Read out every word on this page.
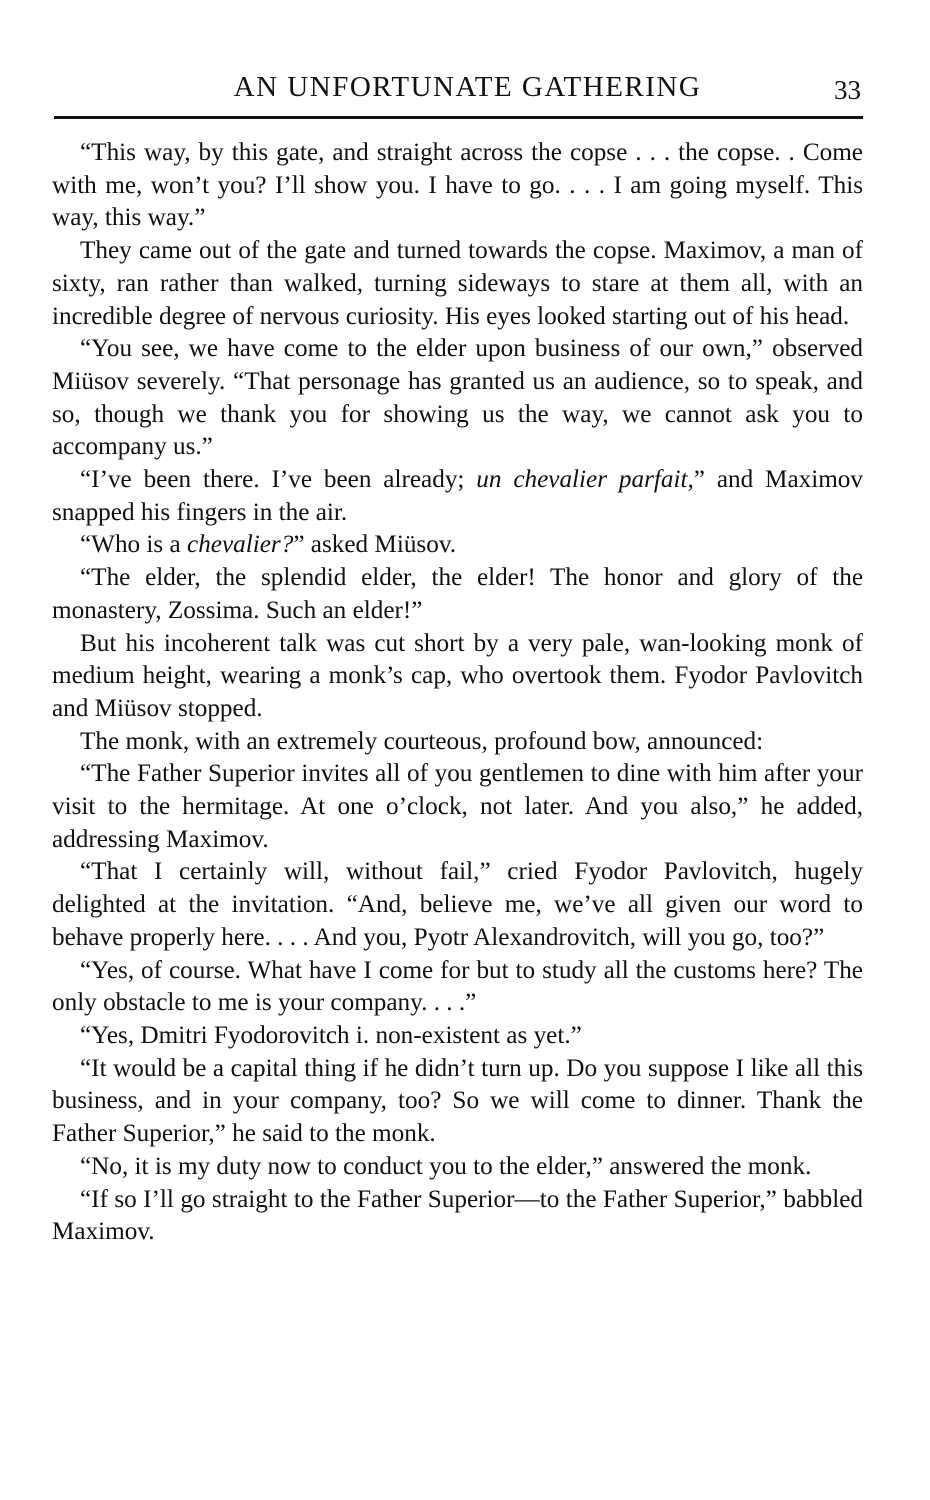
AN UNFORTUNATE GATHERING	33

“This way, by this gate, and straight across the copse . . . the copse. . Come with me, won’t you? I’ll show you. I have to go. . . . I am going myself. This way, this way.”

They came out of the gate and turned towards the copse. Maximov, a man of sixty, ran rather than walked, turning sideways to stare at them all, with an incredible degree of nervous curiosity. His eyes looked starting out of his head.

“You see, we have come to the elder upon business of our own,” observed Miüsov severely. “That personage has granted us an audience, so to speak, and so, though we thank you for showing us the way, we cannot ask you to accompany us.”

“I’ve been there. I’ve been already; un chevalier parfait,” and Maximov snapped his fingers in the air.

“Who is a chevalier?” asked Miüsov.

“The elder, the splendid elder, the elder! The honor and glory of the monastery, Zossima. Such an elder!”

But his incoherent talk was cut short by a very pale, wan-looking monk of medium height, wearing a monk’s cap, who overtook them. Fyodor Pavlovitch and Miüsov stopped.

The monk, with an extremely courteous, profound bow, announced:

“The Father Superior invites all of you gentlemen to dine with him after your visit to the hermitage. At one o’clock, not later. And you also,” he added, addressing Maximov.

“That I certainly will, without fail,” cried Fyodor Pavlovitch, hugely delighted at the invitation. “And, believe me, we’ve all given our word to behave properly here. . . . And you, Pyotr Alexandrovitch, will you go, too?”

“Yes, of course. What have I come for but to study all the customs here? The only obstacle to me is your company. . . .”

“Yes, Dmitri Fyodorovitch i. non-existent as yet.”

“It would be a capital thing if he didn’t turn up. Do you suppose I like all this business, and in your company, too? So we will come to dinner. Thank the Father Superior,” he said to the monk.

“No, it is my duty now to conduct you to the elder,” answered the monk.

“If so I’ll go straight to the Father Superior—to the Father Superior,” babbled Maximov.
